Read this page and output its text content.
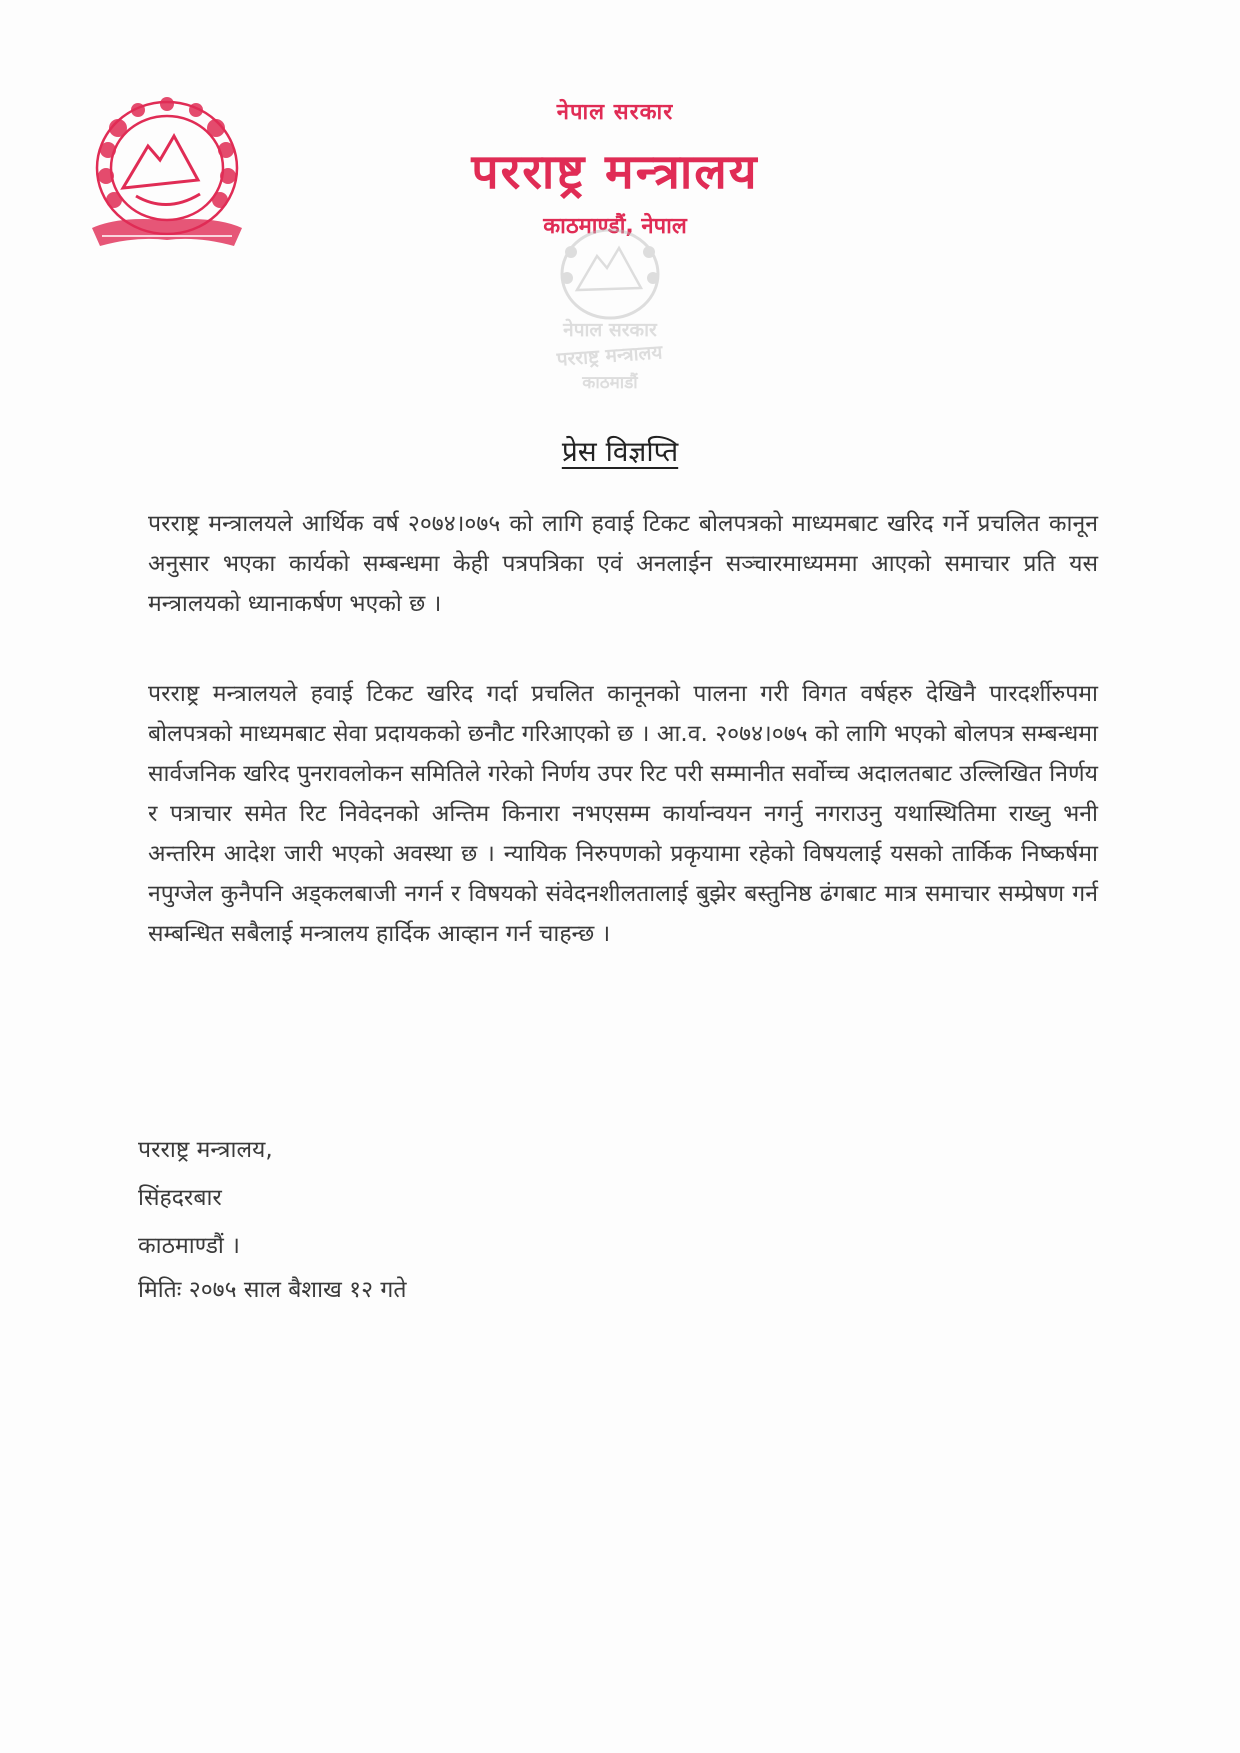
नेपाल सरकार
परराष्ट्र मन्त्रालय
काठमाण्डौं, नेपाल
नेपाल सरकार
परराष्ट्र मन्त्रालय
काठमाडौं
प्रेस विज्ञप्ति
परराष्ट्र मन्त्रालयले आर्थिक वर्ष २०७४।०७५ को लागि हवाई टिकट बोलपत्रको माध्यमबाट खरिद गर्ने प्रचलित कानून अनुसार भएका कार्यको सम्बन्धमा केही पत्रपत्रिका एवं अनलाईन सञ्चारमाध्यममा आएको समाचार प्रति यस मन्त्रालयको ध्यानाकर्षण भएको छ ।
परराष्ट्र मन्त्रालयले हवाई टिकट खरिद गर्दा प्रचलित कानूनको पालना गरी विगत वर्षहरु देखिनै पारदर्शीरुपमा बोलपत्रको माध्यमबाट सेवा प्रदायकको छनौट गरिआएको छ । आ.व. २०७४।०७५ को लागि भएको बोलपत्र सम्बन्धमा सार्वजनिक खरिद पुनरावलोकन समितिले गरेको निर्णय उपर रिट परी सम्मानीत सर्वोच्च अदालतबाट उल्लिखित निर्णय र पत्राचार समेत रिट निवेदनको अन्तिम किनारा नभएसम्म कार्यान्वयन नगर्नु नगराउनु यथास्थितिमा राख्नु भनी अन्तरिम आदेश जारी भएको अवस्था छ । न्यायिक निरुपणको प्रकृयामा रहेको विषयलाई यसको तार्किक निष्कर्षमा नपुग्जेल कुनैपनि अड्कलबाजी नगर्न र विषयको संवेदनशीलतालाई बुझेर बस्तुनिष्ठ ढंगबाट मात्र समाचार सम्प्रेषण गर्न सम्बन्धित सबैलाई मन्त्रालय हार्दिक आव्हान गर्न चाहन्छ ।
परराष्ट्र मन्त्रालय,
सिंहदरबार
काठमाण्डौं ।
मितिः २०७५ साल बैशाख १२ गते
